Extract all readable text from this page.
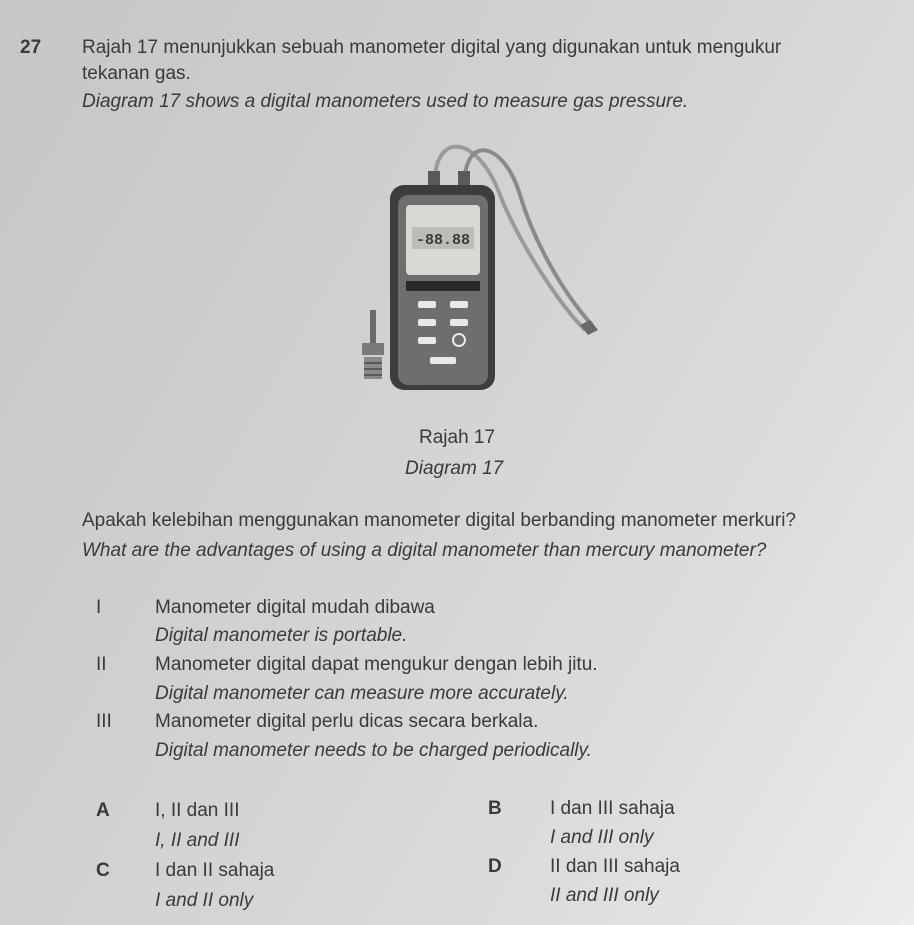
27 Rajah 17 menunjukkan sebuah manometer digital yang digunakan untuk mengukur
tekanan gas.
Diagram 17 shows a digital manometers used to measure gas pressure.
-88.88
Rajah 17
Diagram 17
Apakah kelebihan menggunakan manometer digital berbanding manometer merkuri?
What are the advantages of using a digital manometer than mercury manometer?
I	Manometer digital mudah dibawa
Digital manometer is portable.
II	Manometer digital dapat mengukur dengan lebih jitu.
Digital manometer can measure more accurately.
III Manometer digital perlu dicas secara berkala.
Digital manometer needs to be charged periodically.
A I, II dan III
I, II and III
B	I dan III sahaja
I and III only
C I dan II sahaja
I and II only
D	II dan III sahaja
II and III only
